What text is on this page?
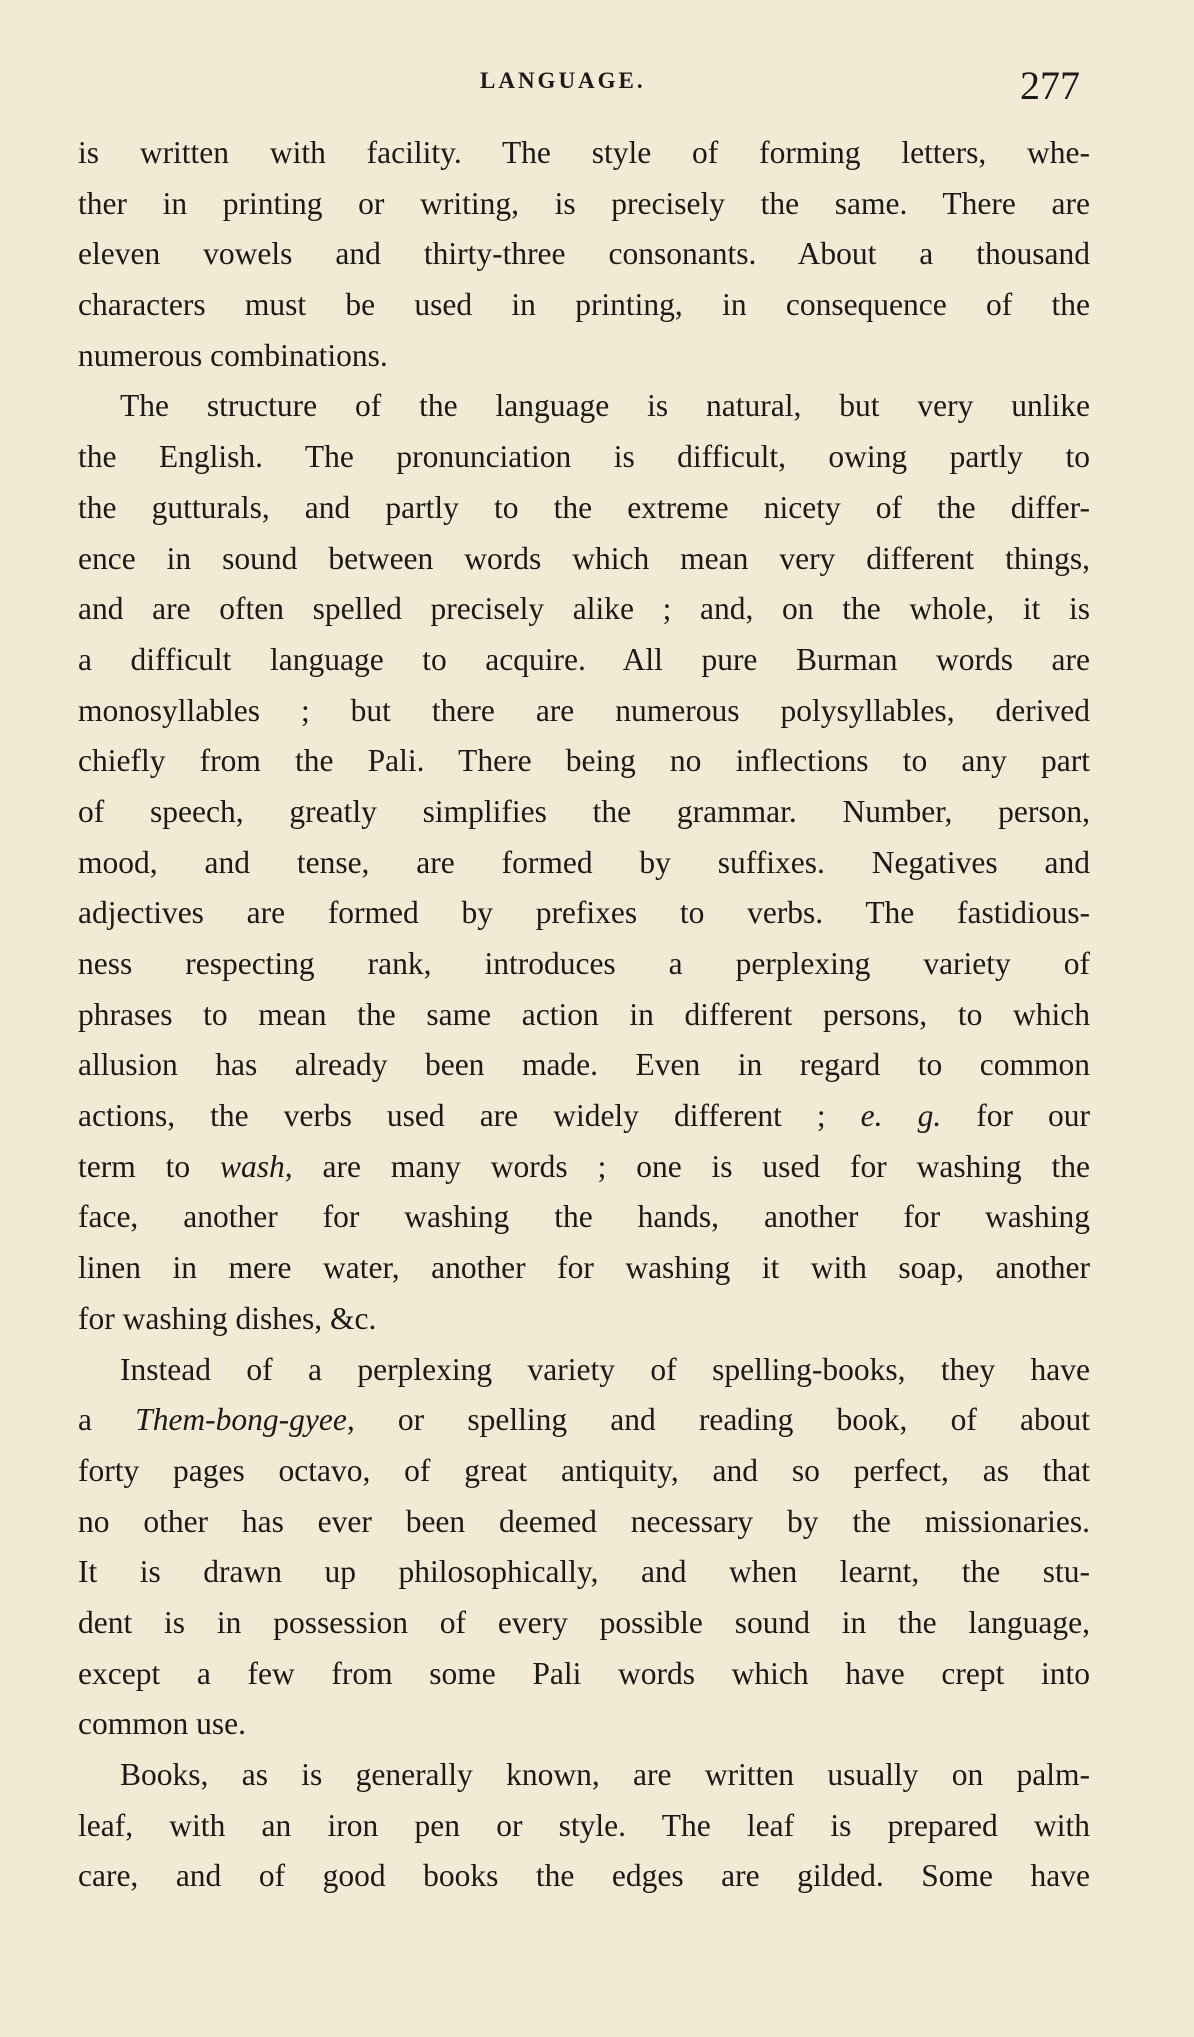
LANGUAGE.	277
is written with facility. The style of forming letters, whe-
ther in printing or writing, is precisely the same. There are
eleven vowels and thirty-three consonants. About a thousand
characters must be used in printing, in consequence of the
numerous combinations.
The structure of the language is natural, but very unlike
the English. The pronunciation is difficult, owing partly to
the gutturals, and partly to the extreme nicety of the differ-
ence in sound between words which mean very different things,
and are often spelled precisely alike ; and, on the whole, it is
a difficult language to acquire. All pure Burman words are
monosyllables ; but there are numerous polysyllables, derived
chiefly from the Pali. There being no inflections to any part
of speech, greatly simplifies the grammar. Number, person,
mood, and tense, are formed by suffixes. Negatives and
adjectives are formed by prefixes to verbs. The fastidious-
ness respecting rank, introduces a perplexing variety of
phrases to mean the same action in different persons, to which
allusion has already been made. Even in regard to common
actions, the verbs used are widely different ; e. g. for our
term to wash, are many words ; one is used for washing the
face, another for washing the hands, another for washing
linen in mere water, another for washing it with soap, another
for washing dishes, &c.
Instead of a perplexing variety of spelling-books, they have
a Them-bong-gyee, or spelling and reading book, of about
forty pages octavo, of great antiquity, and so perfect, as that
no other has ever been deemed necessary by the missionaries.
It is drawn up philosophically, and when learnt, the stu-
dent is in possession of every possible sound in the language,
except a few from some Pali words which have crept into
common use.
Books, as is generally known, are written usually on palm-
leaf, with an iron pen or style. The leaf is prepared with
care, and of good books the edges are gilded. Some have
